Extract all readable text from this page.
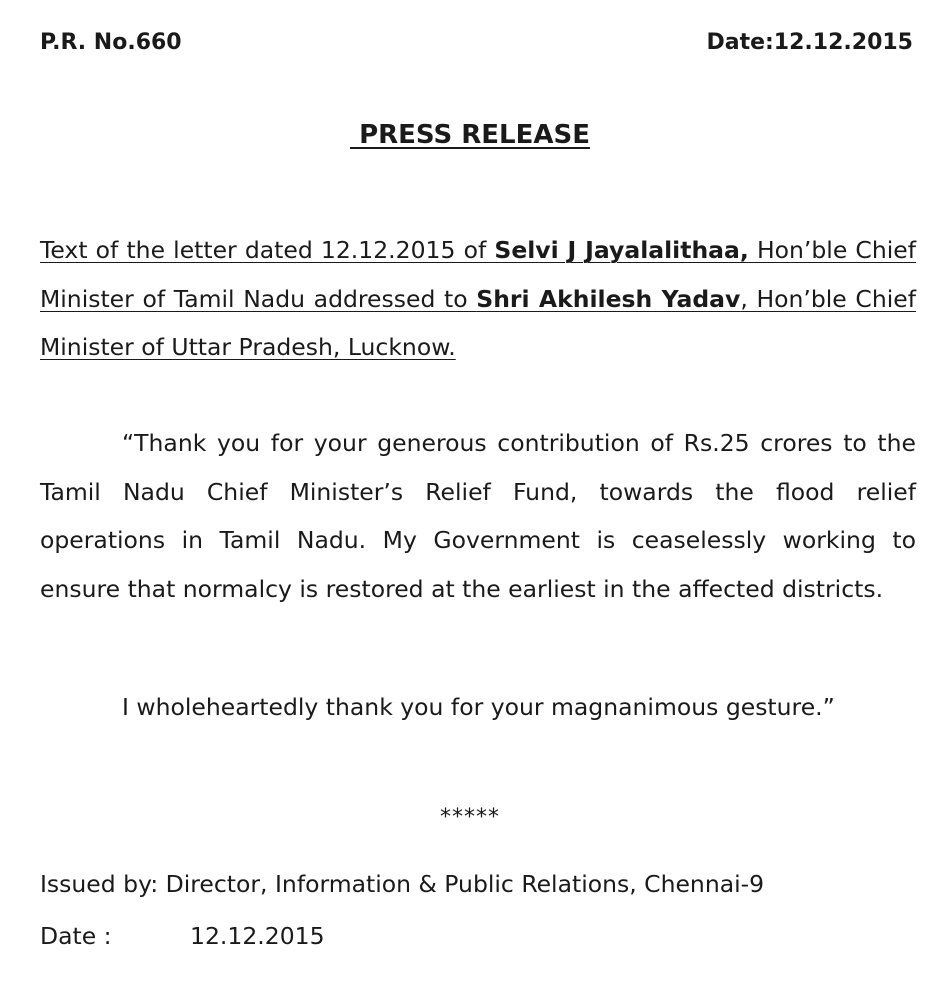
P.R. No.660	Date:12.12.2015
PRESS RELEASE
Text of the letter dated 12.12.2015 of Selvi J Jayalalithaa, Hon’ble Chief Minister of Tamil Nadu addressed to Shri Akhilesh Yadav, Hon’ble Chief Minister of Uttar Pradesh, Lucknow.
“Thank you for your generous contribution of Rs.25 crores to the Tamil Nadu Chief Minister’s Relief Fund, towards the flood relief operations in Tamil Nadu. My Government is ceaselessly working to ensure that normalcy is restored at the earliest in the affected districts.
I wholeheartedly thank you for your magnanimous gesture.”
*****
Issued by: Director, Information & Public Relations, Chennai-9
Date :	12.12.2015
